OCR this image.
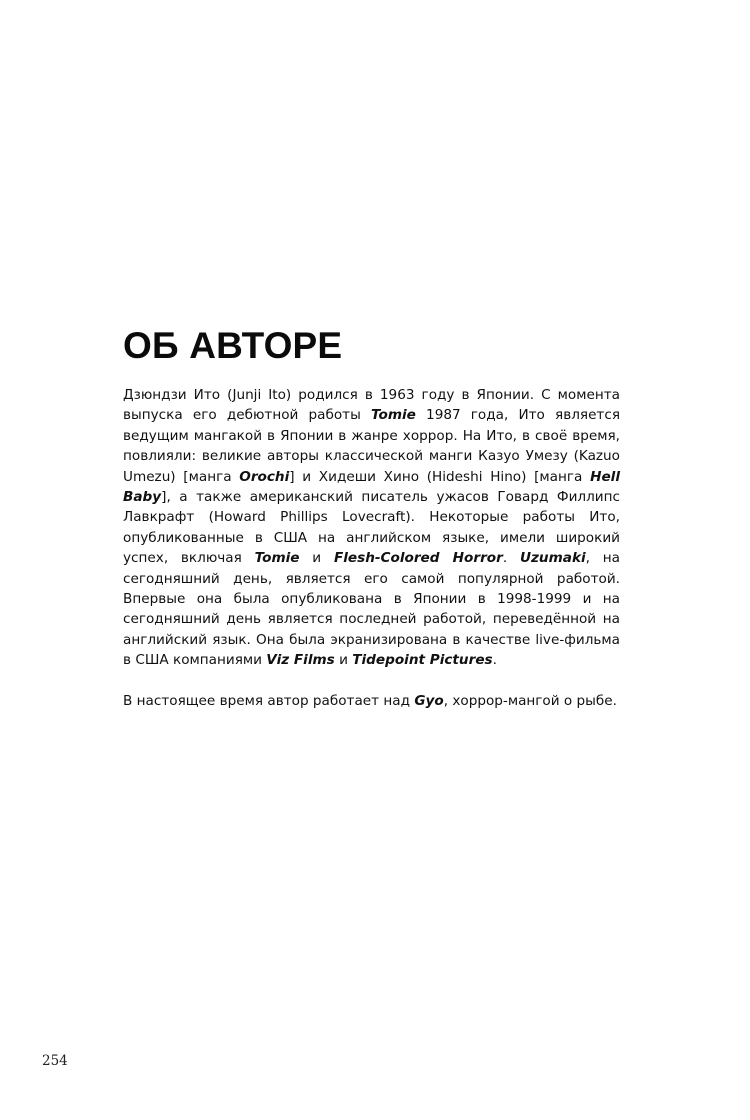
ОБ АВТОРЕ

Дзюндзи Ито (Junji Ito) родился в 1963 году в Японии. С момента выпуска его дебютной работы Tomie 1987 года, Ито является ведущим мангакой в Японии в жанре хоррор. На Ито, в своё время, повлияли: великие авторы классической манги Казуо Умезу (Kazuo Umezu) [манга Orochi] и Хидеши Хино (Hideshi Hino) [манга Hell Baby], а также американский писатель ужасов Говард Филлипс Лавкрафт (Howard Phillips Lovecraft). Некоторые работы Ито, опубликованные в США на английском языке, имели широкий успех, включая Tomie и Flesh-Colored Horror. Uzumaki, на сегодняшний день, является его самой популярной работой. Впервые она была опубликована в Японии в 1998-1999 и на сегодняшний день является последней работой, переведённой на английский язык. Она была экранизирована в качестве live-фильма в США компаниями Viz Films и Tidepoint Pictures.

В настоящее время автор работает над Gyo, хоррор-мангой о рыбе.

254
